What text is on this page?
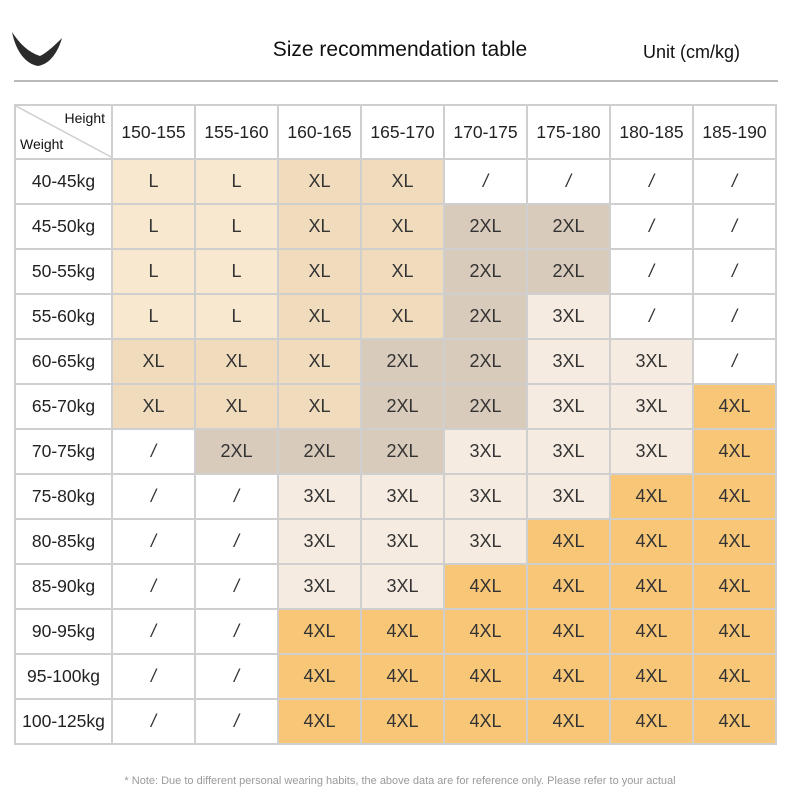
Size recommendation table	Unit (cm/kg)
Height
Weight	150-155	155-160	160-165	165-170	170-175	175-180	180-185	185-190
40-45kg	L	L	XL	XL	/	/	/	/
45-50kg	L	L	XL	XL	2XL	2XL	/	/
50-55kg	L	L	XL	XL	2XL	2XL	/	/
55-60kg	L	L	XL	XL	2XL	3XL	/	/
60-65kg	XL	XL	XL	2XL	2XL	3XL	3XL	/
65-70kg	XL	XL	XL	2XL	2XL	3XL	3XL	4XL
70-75kg	/	2XL	2XL	2XL	3XL	3XL	3XL	4XL
75-80kg	/	/	3XL	3XL	3XL	3XL	4XL	4XL
80-85kg	/	/	3XL	3XL	3XL	4XL	4XL	4XL
85-90kg	/	/	3XL	3XL	4XL	4XL	4XL	4XL
90-95kg	/	/	4XL	4XL	4XL	4XL	4XL	4XL
95-100kg	/	/	4XL	4XL	4XL	4XL	4XL	4XL
100-125kg	/	/	4XL	4XL	4XL	4XL	4XL	4XL
* Note: Due to different personal wearing habits, the above data are for reference only. Please refer to your actual
